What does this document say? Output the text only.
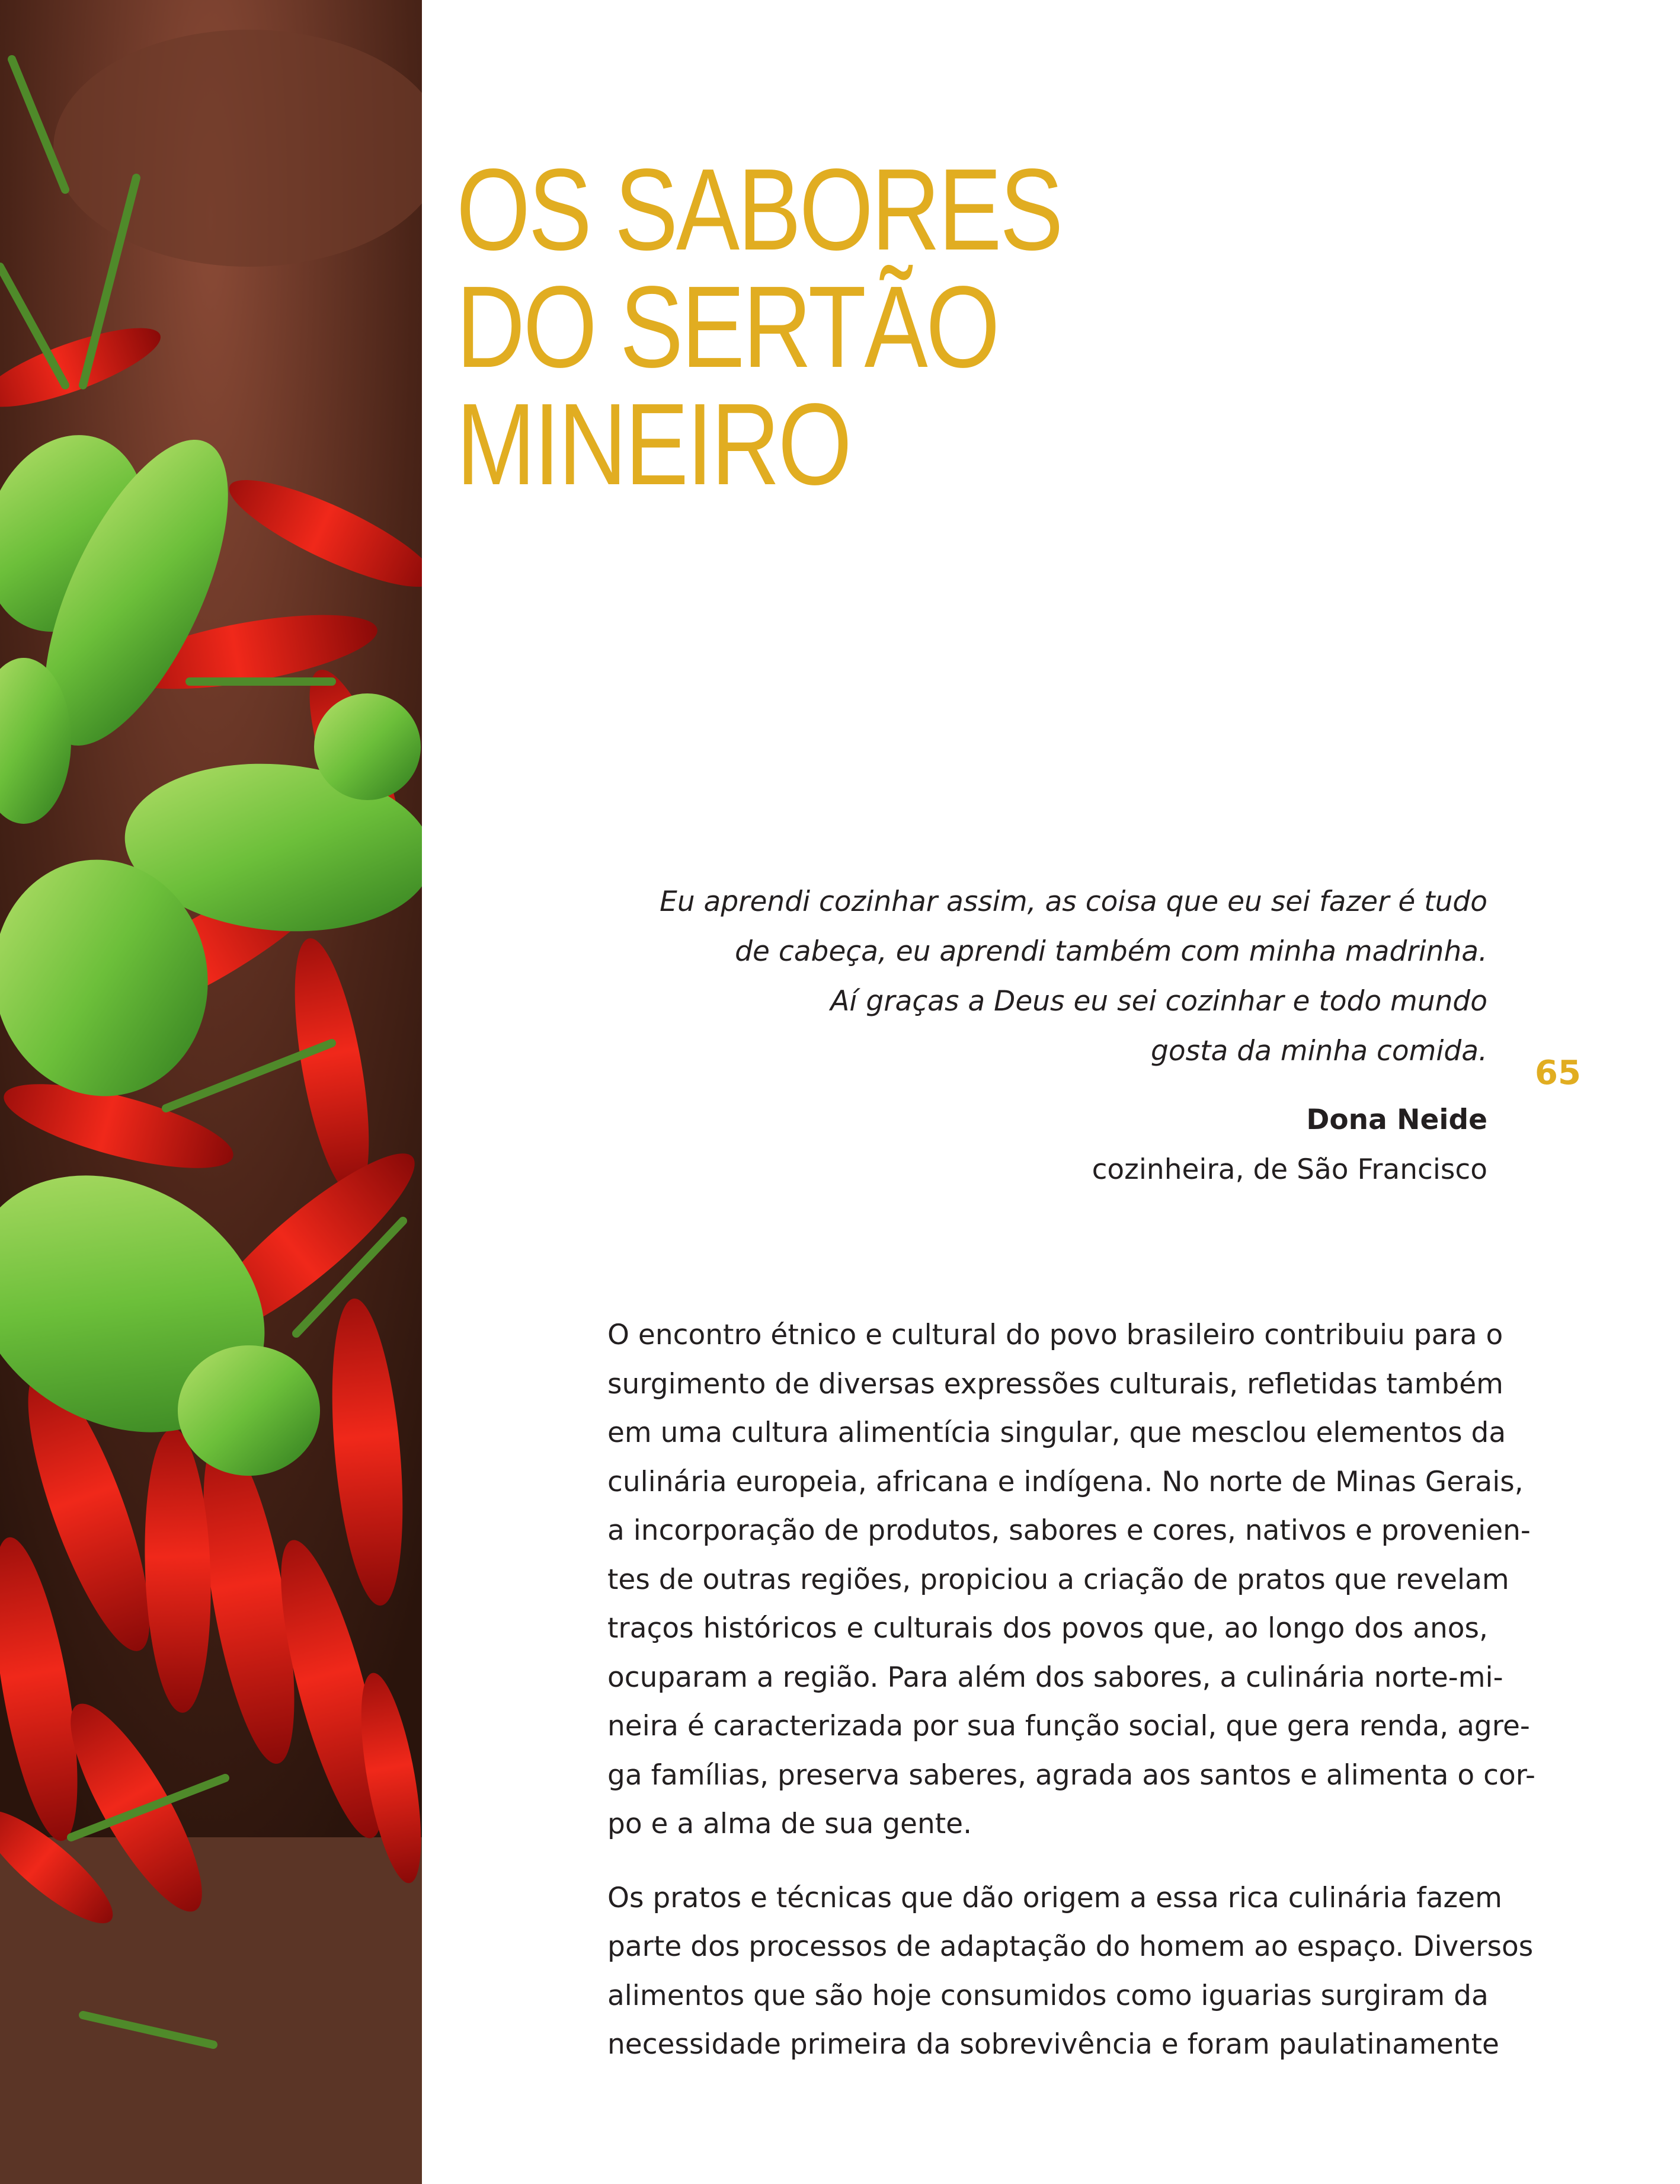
OS SABORES
DO SERTÃO
MINEIRO
Eu aprendi cozinhar assim, as coisa que eu sei fazer é tudo
de cabeça, eu aprendi também com minha madrinha.
Aí graças a Deus eu sei cozinhar e todo mundo
gosta da minha comida.
65
Dona Neide
cozinheira, de São Francisco
O encontro étnico e cultural do povo brasileiro contribuiu para o
surgimento de diversas expressões culturais, refletidas também
em uma cultura alimentícia singular, que mesclou elementos da
culinária europeia, africana e indígena. No norte de Minas Gerais,
a incorporação de produtos, sabores e cores, nativos e provenien-
tes de outras regiões, propiciou a criação de pratos que revelam
traços históricos e culturais dos povos que, ao longo dos anos,
ocuparam a região. Para além dos sabores, a culinária norte-mi-
neira é caracterizada por sua função social, que gera renda, agre-
ga famílias, preserva saberes, agrada aos santos e alimenta o cor-
po e a alma de sua gente.
Os pratos e técnicas que dão origem a essa rica culinária fazem
parte dos processos de adaptação do homem ao espaço. Diversos
alimentos que são hoje consumidos como iguarias surgiram da
necessidade primeira da sobrevivência e foram paulatinamente
